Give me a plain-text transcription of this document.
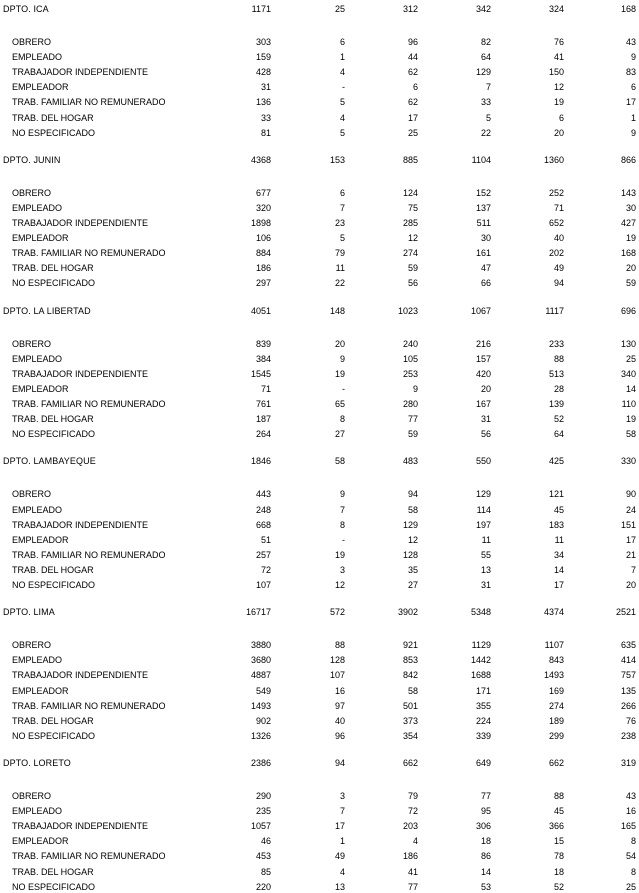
DPTO. ICA	1171	25	312	342	324	168
OBRERO	303	6	96	82	76	43
EMPLEADO	159	1	44	64	41	9
TRABAJADOR INDEPENDIENTE	428	4	62	129	150	83
EMPLEADOR	31	-	6	7	12	6
TRAB. FAMILIAR NO REMUNERADO	136	5	62	33	19	17
TRAB. DEL HOGAR	33	4	17	5	6	1
NO ESPECIFICADO	81	5	25	22	20	9
DPTO. JUNIN	4368	153	885	1104	1360	866
OBRERO	677	6	124	152	252	143
EMPLEADO	320	7	75	137	71	30
TRABAJADOR INDEPENDIENTE	1898	23	285	511	652	427
EMPLEADOR	106	5	12	30	40	19
TRAB. FAMILIAR NO REMUNERADO	884	79	274	161	202	168
TRAB. DEL HOGAR	186	11	59	47	49	20
NO ESPECIFICADO	297	22	56	66	94	59
DPTO. LA LIBERTAD	4051	148	1023	1067	1117	696
OBRERO	839	20	240	216	233	130
EMPLEADO	384	9	105	157	88	25
TRABAJADOR INDEPENDIENTE	1545	19	253	420	513	340
EMPLEADOR	71	-	9	20	28	14
TRAB. FAMILIAR NO REMUNERADO	761	65	280	167	139	110
TRAB. DEL HOGAR	187	8	77	31	52	19
NO ESPECIFICADO	264	27	59	56	64	58
DPTO. LAMBAYEQUE	1846	58	483	550	425	330
OBRERO	443	9	94	129	121	90
EMPLEADO	248	7	58	114	45	24
TRABAJADOR INDEPENDIENTE	668	8	129	197	183	151
EMPLEADOR	51	-	12	11	11	17
TRAB. FAMILIAR NO REMUNERADO	257	19	128	55	34	21
TRAB. DEL HOGAR	72	3	35	13	14	7
NO ESPECIFICADO	107	12	27	31	17	20
DPTO. LIMA	16717	572	3902	5348	4374	2521
OBRERO	3880	88	921	1129	1107	635
EMPLEADO	3680	128	853	1442	843	414
TRABAJADOR INDEPENDIENTE	4887	107	842	1688	1493	757
EMPLEADOR	549	16	58	171	169	135
TRAB. FAMILIAR NO REMUNERADO	1493	97	501	355	274	266
TRAB. DEL HOGAR	902	40	373	224	189	76
NO ESPECIFICADO	1326	96	354	339	299	238
DPTO. LORETO	2386	94	662	649	662	319
OBRERO	290	3	79	77	88	43
EMPLEADO	235	7	72	95	45	16
TRABAJADOR INDEPENDIENTE	1057	17	203	306	366	165
EMPLEADOR	46	1	4	18	15	8
TRAB. FAMILIAR NO REMUNERADO	453	49	186	86	78	54
TRAB. DEL HOGAR	85	4	41	14	18	8
NO ESPECIFICADO	220	13	77	53	52	25
